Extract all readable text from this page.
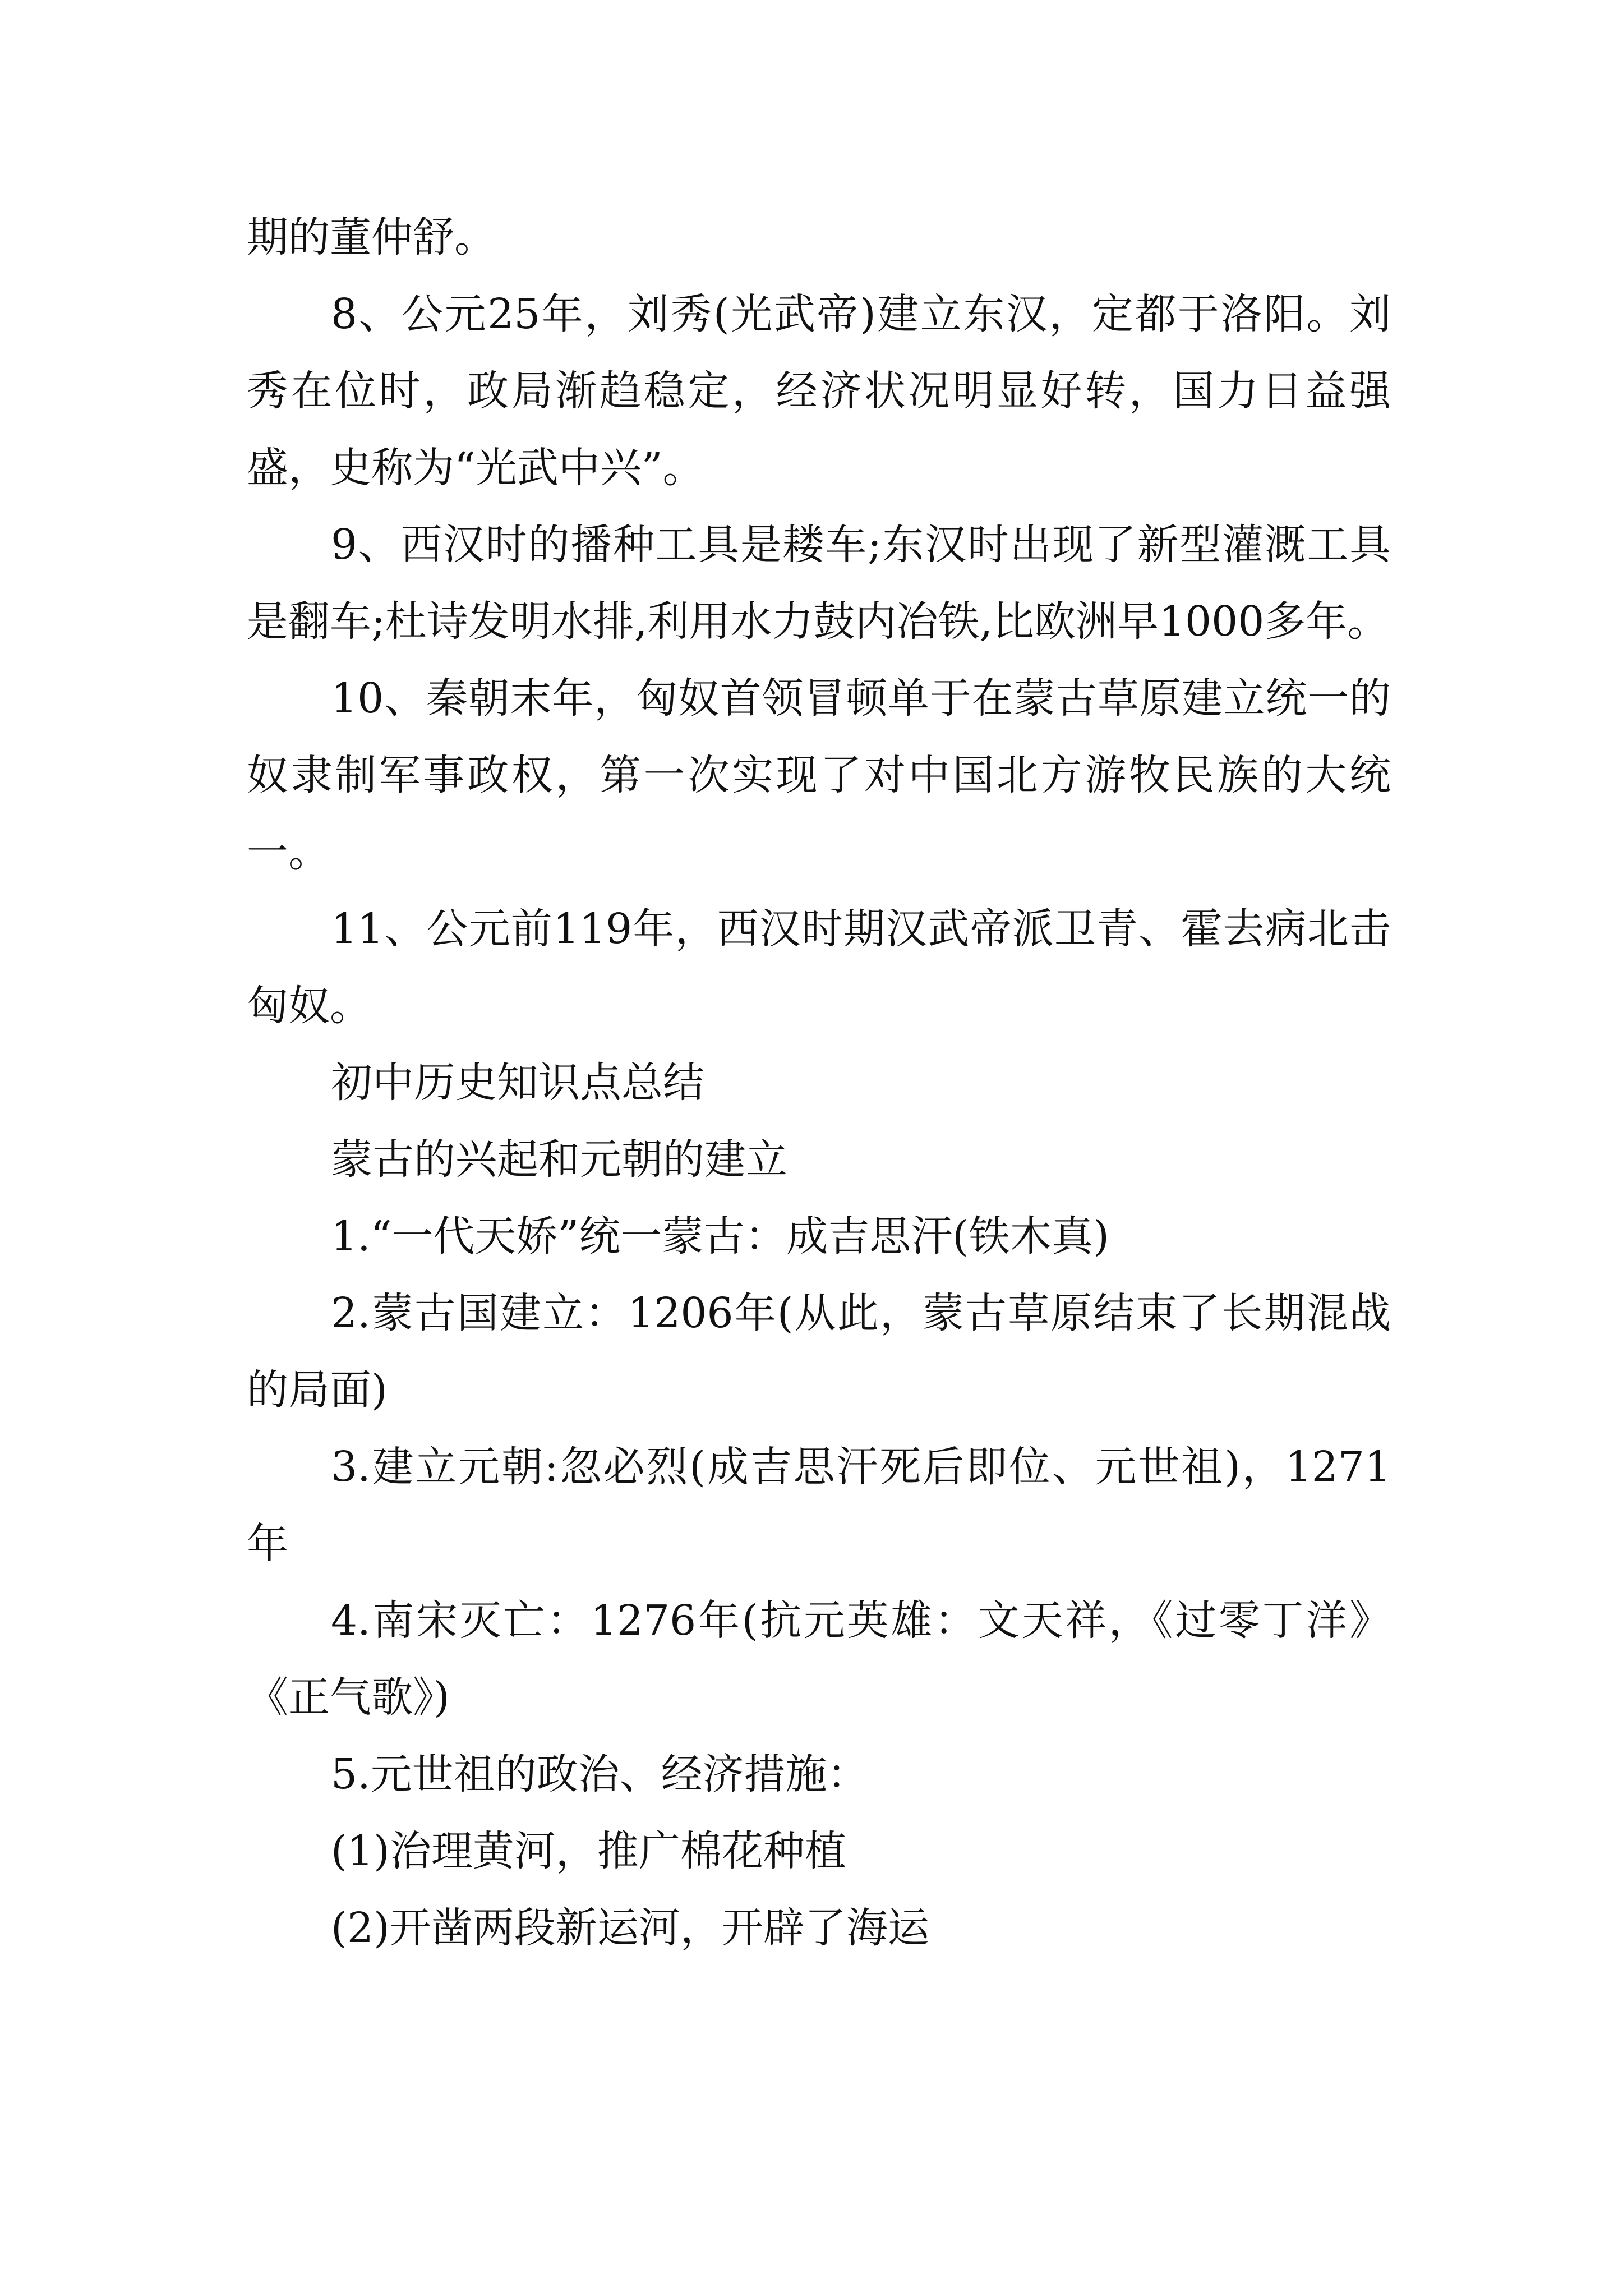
期的董仲舒。

8、公元25年，刘秀(光武帝)建立东汉，定都于洛阳。刘秀在位时，政局渐趋稳定，经济状况明显好转，国力日益强盛，史称为“光武中兴”。

9、西汉时的播种工具是耧车;东汉时出现了新型灌溉工具是翻车;杜诗发明水排,利用水力鼓内冶铁,比欧洲早1000多年。

10、秦朝末年，匈奴首领冒顿单于在蒙古草原建立统一的奴隶制军事政权，第一次实现了对中国北方游牧民族的大统一。

11、公元前119年，西汉时期汉武帝派卫青、霍去病北击匈奴。

初中历史知识点总结

蒙古的兴起和元朝的建立

1.“一代天娇”统一蒙古：成吉思汗(铁木真)

2.蒙古国建立：1206年(从此，蒙古草原结束了长期混战的局面)

3.建立元朝:忽必烈(成吉思汗死后即位、元世祖)，1271年

4.南宋灭亡：1276年(抗元英雄：文天祥，《过零丁洋》《正气歌》)

5.元世祖的政治、经济措施：

(1)治理黄河，推广棉花种植

(2)开凿两段新运河，开辟了海运
